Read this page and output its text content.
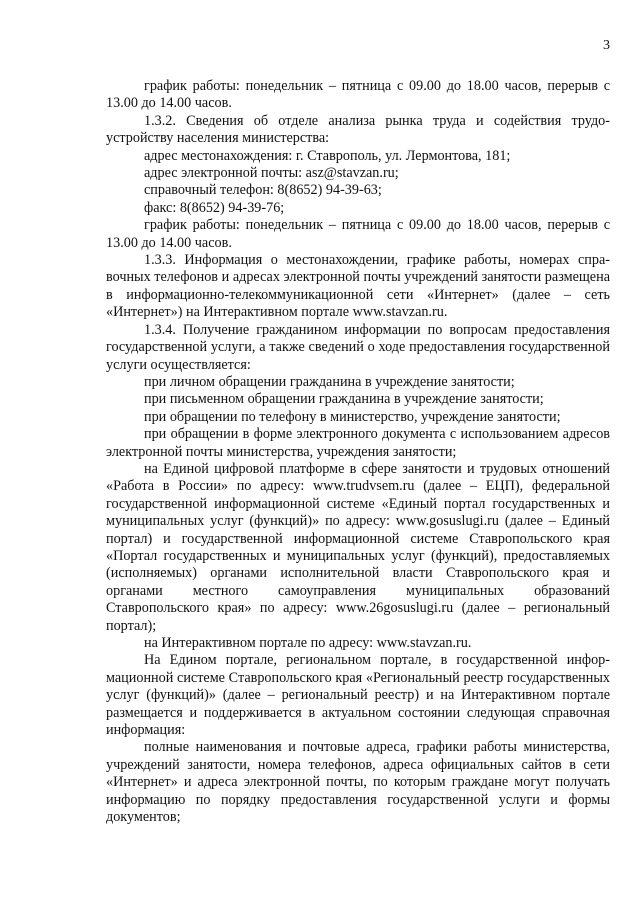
3

график работы: понедельник – пятница с 09.00 до 18.00 часов, перерыв с 13.00 до 14.00 часов.

1.3.2. Сведения об отделе анализа рынка труда и содействия трудоустройству населения министерства:

адрес местонахождения: г. Ставрополь, ул. Лермонтова, 181;

адрес электронной почты: asz@stavzan.ru;

справочный телефон: 8(8652) 94-39-63;

факс: 8(8652) 94-39-76;

график работы: понедельник – пятница с 09.00 до 18.00 часов, перерыв с 13.00 до 14.00 часов.

1.3.3. Информация о местонахождении, графике работы, номерах справочных телефонов и адресах электронной почты учреждений занятости размещена в информационно-телекоммуникационной сети «Интернет» (далее – сеть «Интернет») на Интерактивном портале www.stavzan.ru.

1.3.4. Получение гражданином информации по вопросам предоставления государственной услуги, а также сведений о ходе предоставления государственной услуги осуществляется:

при личном обращении гражданина в учреждение занятости;

при письменном обращении гражданина в учреждение занятости;

при обращении по телефону в министерство, учреждение занятости;

при обращении в форме электронного документа с использованием адресов электронной почты министерства, учреждения занятости;

на Единой цифровой платформе в сфере занятости и трудовых отношений «Работа в России» по адресу: www.trudvsem.ru (далее – ЕЦП), федеральной государственной информационной системе «Единый портал государственных и муниципальных услуг (функций)» по адресу: www.gosuslugi.ru (далее – Единый портал) и государственной информационной системе Ставропольского края «Портал государственных и муниципальных услуг (функций), предоставляемых (исполняемых) органами исполнительной власти Ставропольского края и органами местного самоуправления муниципальных образований Ставропольского края» по адресу: www.26gosuslugi.ru (далее – региональный портал);

на Интерактивном портале по адресу: www.stavzan.ru.

На Едином портале, региональном портале, в государственной информационной системе Ставропольского края «Региональный реестр государственных услуг (функций)» (далее – региональный реестр) и на Интерактивном портале размещается и поддерживается в актуальном состоянии следующая справочная информация:

полные наименования и почтовые адреса, графики работы министерства, учреждений занятости, номера телефонов, адреса официальных сайтов в сети «Интернет» и адреса электронной почты, по которым граждане могут получать информацию по порядку предоставления государственной услуги и формы документов;
